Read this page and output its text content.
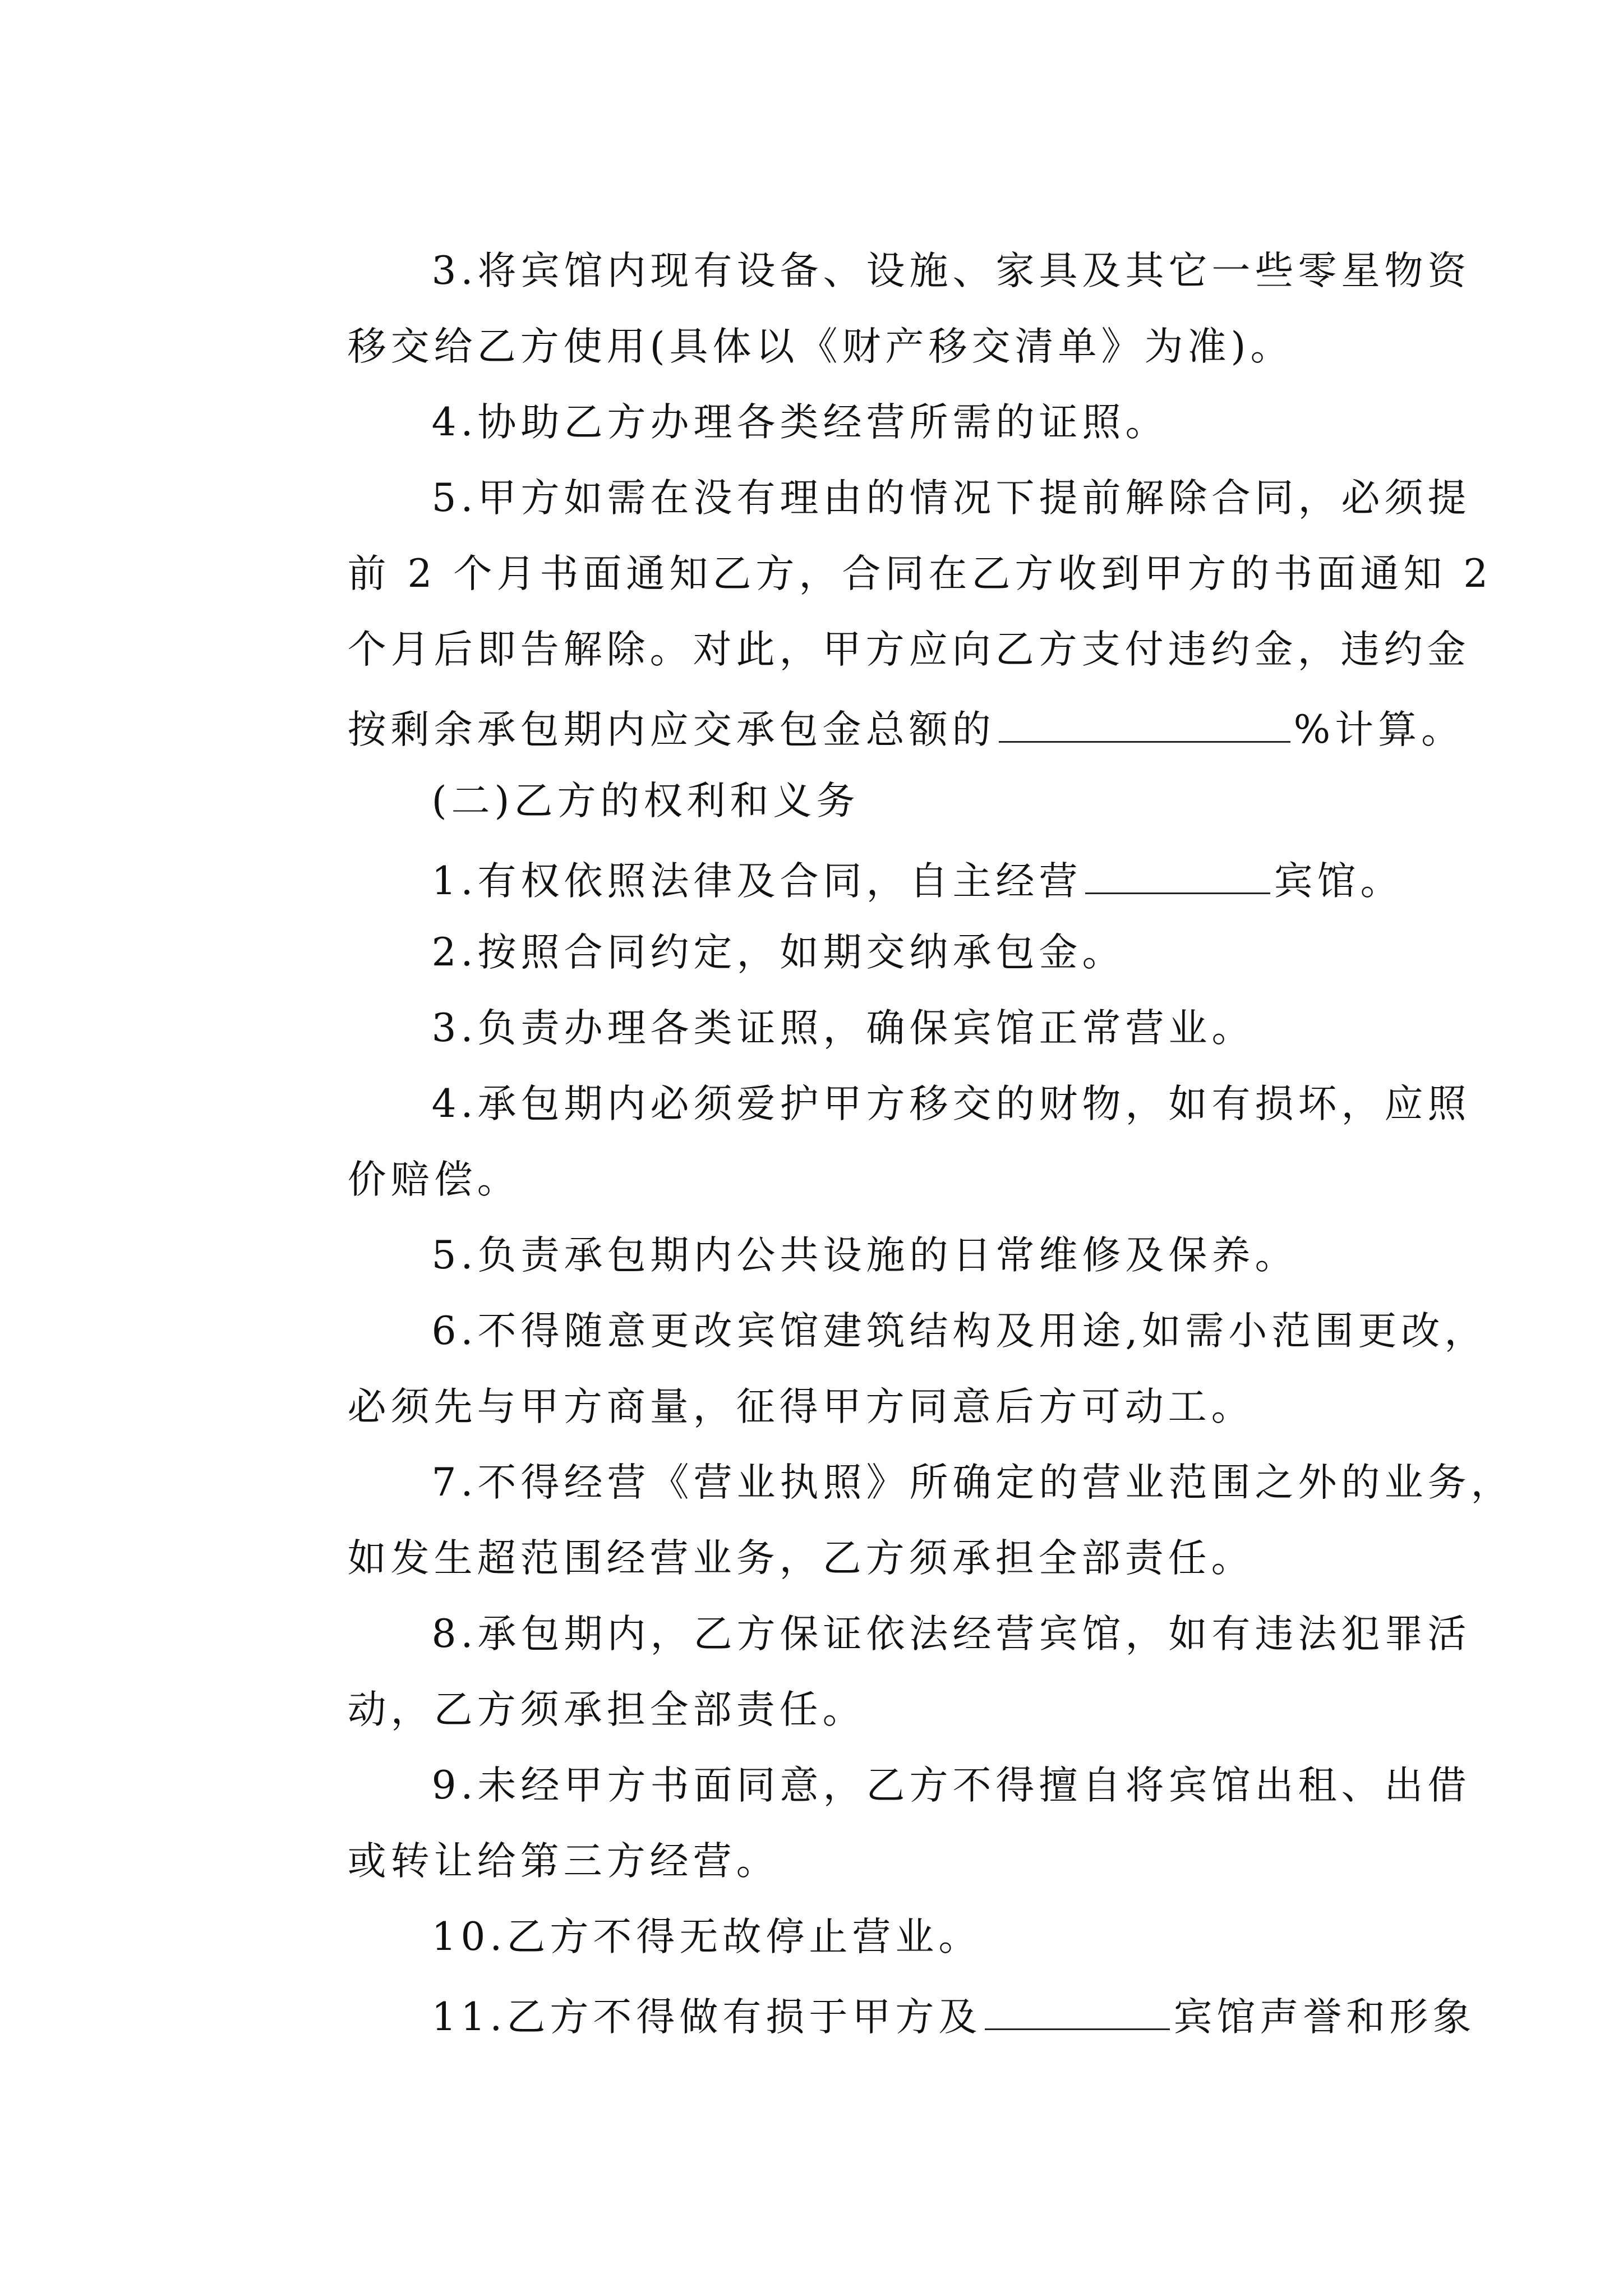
3.将宾馆内现有设备、设施、家具及其它一些零星物资

移交给乙方使用(具体以《财产移交清单》为准)。

4.协助乙方办理各类经营所需的证照。

5.甲方如需在没有理由的情况下提前解除合同，必须提

前 2 个月书面通知乙方，合同在乙方收到甲方的书面通知 2

个月后即告解除。对此，甲方应向乙方支付违约金，违约金

按剩余承包期内应交承包金总额的	%计算。

(二)乙方的权利和义务

1.有权依照法律及合同，自主经营	宾馆。

2.按照合同约定，如期交纳承包金。

3.负责办理各类证照，确保宾馆正常营业。

4.承包期内必须爱护甲方移交的财物，如有损坏，应照

价赔偿。

5.负责承包期内公共设施的日常维修及保养。

6.不得随意更改宾馆建筑结构及用途,如需小范围更改，

必须先与甲方商量，征得甲方同意后方可动工。

7.不得经营《营业执照》所确定的营业范围之外的业务，

如发生超范围经营业务，乙方须承担全部责任。

8.承包期内，乙方保证依法经营宾馆，如有违法犯罪活

动，乙方须承担全部责任。

9.未经甲方书面同意，乙方不得擅自将宾馆出租、出借

或转让给第三方经营。

10.乙方不得无故停止营业。

11.乙方不得做有损于甲方及	宾馆声誉和形象
